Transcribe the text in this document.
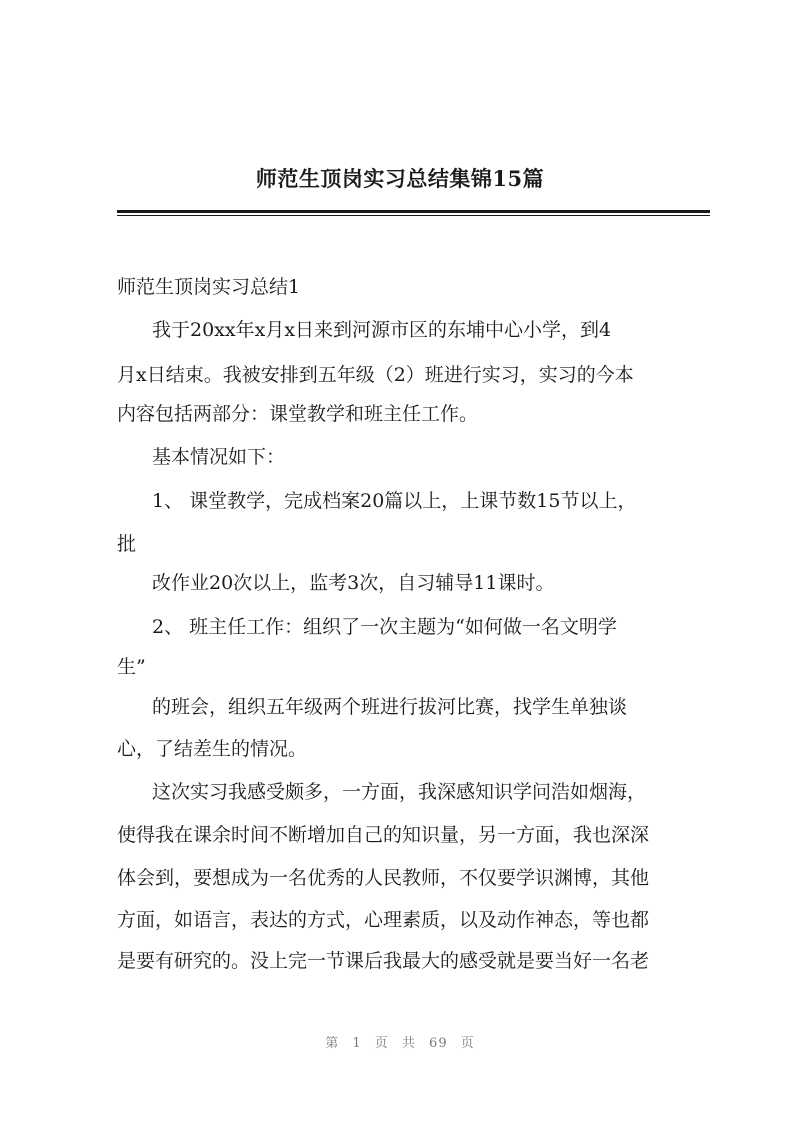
师范生顶岗实习总结集锦15篇
师范生顶岗实习总结1
我于20xx年x月x日来到河源市区的东埔中心小学，到4
月x日结束。我被安排到五年级（2）班进行实习，实习的今本
内容包括两部分：课堂教学和班主任工作。
基本情况如下：
1、 课堂教学，完成档案20篇以上，上课节数15节以上，
批
改作业20次以上，监考3次，自习辅导11课时。
2、 班主任工作：组织了一次主题为“如何做一名文明学
生”
的班会，组织五年级两个班进行拔河比赛，找学生单独谈
心，了结差生的情况。
这次实习我感受颇多，一方面，我深感知识学问浩如烟海，
使得我在课余时间不断增加自己的知识量，另一方面，我也深深
体会到，要想成为一名优秀的人民教师，不仅要学识渊博，其他
方面，如语言，表达的方式，心理素质，以及动作神态，等也都
是要有研究的。没上完一节课后我最大的感受就是要当好一名老
第 1 页 共 69 页
